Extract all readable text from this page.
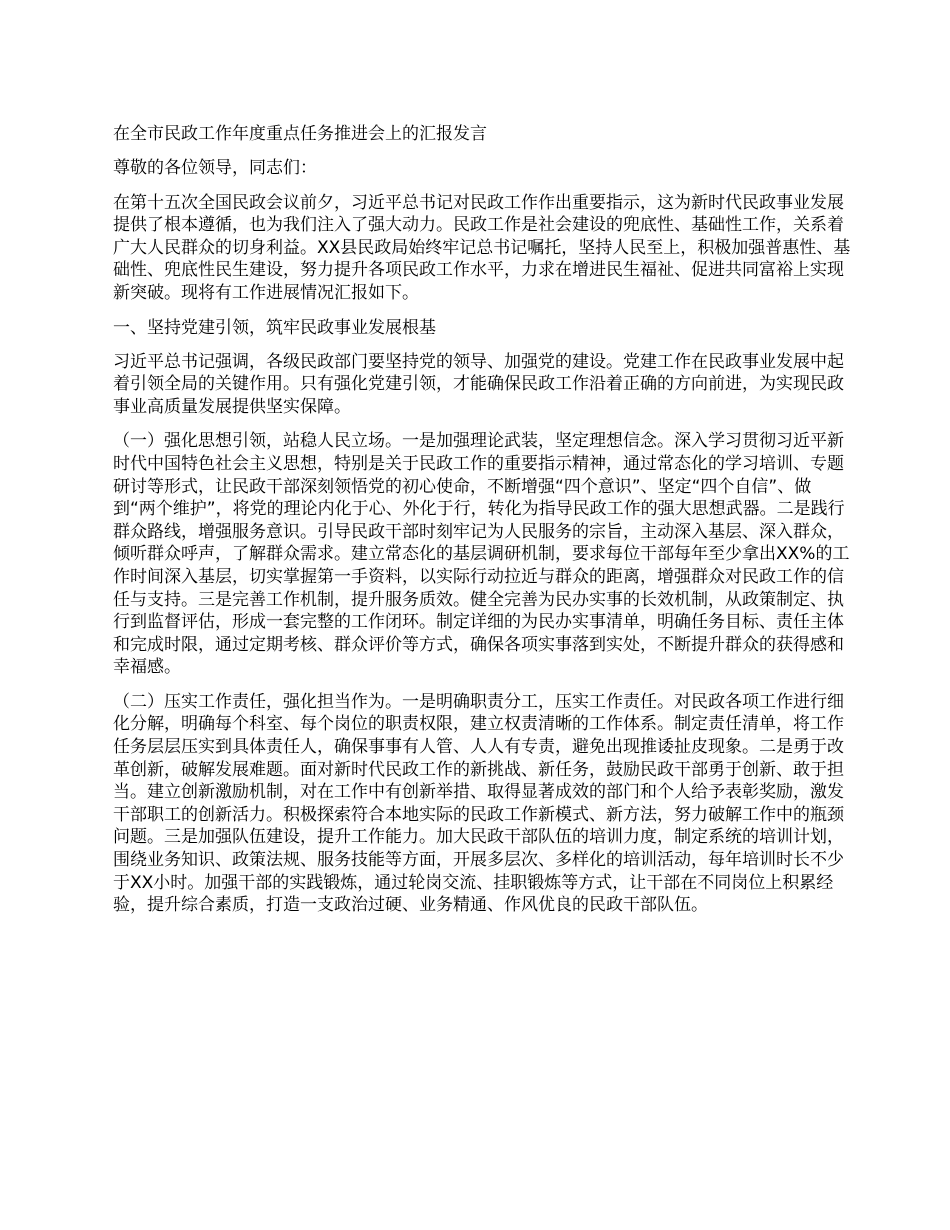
在全市民政工作年度重点任务推进会上的汇报发言
尊敬的各位领导，同志们：
在第十五次全国民政会议前夕，习近平总书记对民政工作作出重要指示，这为新时代民政事业发展提供了根本遵循，也为我们注入了强大动力。民政工作是社会建设的兜底性、基础性工作，关系着广大人民群众的切身利益。XX县民政局始终牢记总书记嘱托，坚持人民至上，积极加强普惠性、基础性、兜底性民生建设，努力提升各项民政工作水平，力求在增进民生福祉、促进共同富裕上实现新突破。现将有工作进展情况汇报如下。
一、坚持党建引领，筑牢民政事业发展根基
习近平总书记强调，各级民政部门要坚持党的领导、加强党的建设。党建工作在民政事业发展中起着引领全局的关键作用。只有强化党建引领，才能确保民政工作沿着正确的方向前进，为实现民政事业高质量发展提供坚实保障。
（一）强化思想引领，站稳人民立场。一是加强理论武装，坚定理想信念。深入学习贯彻习近平新时代中国特色社会主义思想，特别是关于民政工作的重要指示精神，通过常态化的学习培训、专题研讨等形式，让民政干部深刻领悟党的初心使命，不断增强“四个意识”、坚定“四个自信”、做到“两个维护”，将党的理论内化于心、外化于行，转化为指导民政工作的强大思想武器。二是践行群众路线，增强服务意识。引导民政干部时刻牢记为人民服务的宗旨，主动深入基层、深入群众，倾听群众呼声，了解群众需求。建立常态化的基层调研机制，要求每位干部每年至少拿出XX%的工作时间深入基层，切实掌握第一手资料，以实际行动拉近与群众的距离，增强群众对民政工作的信任与支持。三是完善工作机制，提升服务质效。健全完善为民办实事的长效机制，从政策制定、执行到监督评估，形成一套完整的工作闭环。制定详细的为民办实事清单，明确任务目标、责任主体和完成时限，通过定期考核、群众评价等方式，确保各项实事落到实处，不断提升群众的获得感和幸福感。
（二）压实工作责任，强化担当作为。一是明确职责分工，压实工作责任。对民政各项工作进行细化分解，明确每个科室、每个岗位的职责权限，建立权责清晰的工作体系。制定责任清单，将工作任务层层压实到具体责任人，确保事事有人管、人人有专责，避免出现推诿扯皮现象。二是勇于改革创新，破解发展难题。面对新时代民政工作的新挑战、新任务，鼓励民政干部勇于创新、敢于担当。建立创新激励机制，对在工作中有创新举措、取得显著成效的部门和个人给予表彰奖励，激发干部职工的创新活力。积极探索符合本地实际的民政工作新模式、新方法，努力破解工作中的瓶颈问题。三是加强队伍建设，提升工作能力。加大民政干部队伍的培训力度，制定系统的培训计划，围绕业务知识、政策法规、服务技能等方面，开展多层次、多样化的培训活动，每年培训时长不少于XX小时。加强干部的实践锻炼，通过轮岗交流、挂职锻炼等方式，让干部在不同岗位上积累经验，提升综合素质，打造一支政治过硬、业务精通、作风优良的民政干部队伍。
